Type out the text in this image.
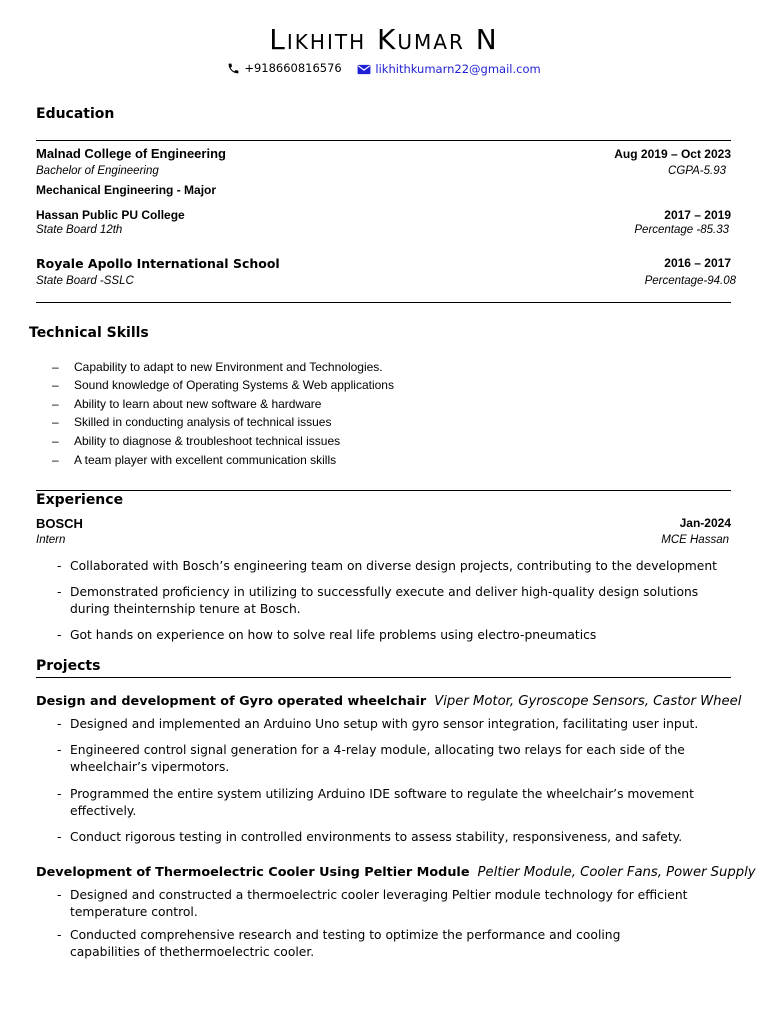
Likhith Kumar N
+918660816576
	likhithkumarn22@gmail.com
Education
Malnad College of Engineering	Aug 2019 – Oct 2023
Bachelor of Engineering	CGPA-5.93
Mechanical Engineering - Major
Hassan Public PU College	2017 – 2019
State Board 12th	Percentage -85.33
Royale Apollo International School	2016 – 2017
State Board -SSLC	Percentage-94.08
Technical Skills
– Capability to adapt to new Environment and Technologies.
– Sound knowledge of Operating Systems & Web applications
– Ability to learn about new software & hardware
– Skilled in conducting analysis of technical issues
– Ability to diagnose & troubleshoot technical issues
– A team player with excellent communication skills
Experience
BOSCH	Jan-2024
Intern	MCE Hassan
- Collaborated with Bosch’s engineering team on diverse design projects, contributing to the development
- Demonstrated proficiency in utilizing to successfully execute and deliver high-quality design solutions during theinternship tenure at Bosch.
- Got hands on experience on how to solve real life problems using electro-pneumatics
Projects
Design and development of Gyro operated wheelchair Viper Motor, Gyroscope Sensors, Castor Wheel
- Designed and implemented an Arduino Uno setup with gyro sensor integration, facilitating user input.
- Engineered control signal generation for a 4-relay module, allocating two relays for each side of the wheelchair’s vipermotors.
- Programmed the entire system utilizing Arduino IDE software to regulate the wheelchair’s movement effectively.
- Conduct rigorous testing in controlled environments to assess stability, responsiveness, and safety.
Development of Thermoelectric Cooler Using Peltier Module Peltier Module, Cooler Fans, Power Supply
- Designed and constructed a thermoelectric cooler leveraging Peltier module technology for efficient temperature control.
- Conducted comprehensive research and testing to optimize the performance and cooling capabilities of thethermoelectric cooler.
